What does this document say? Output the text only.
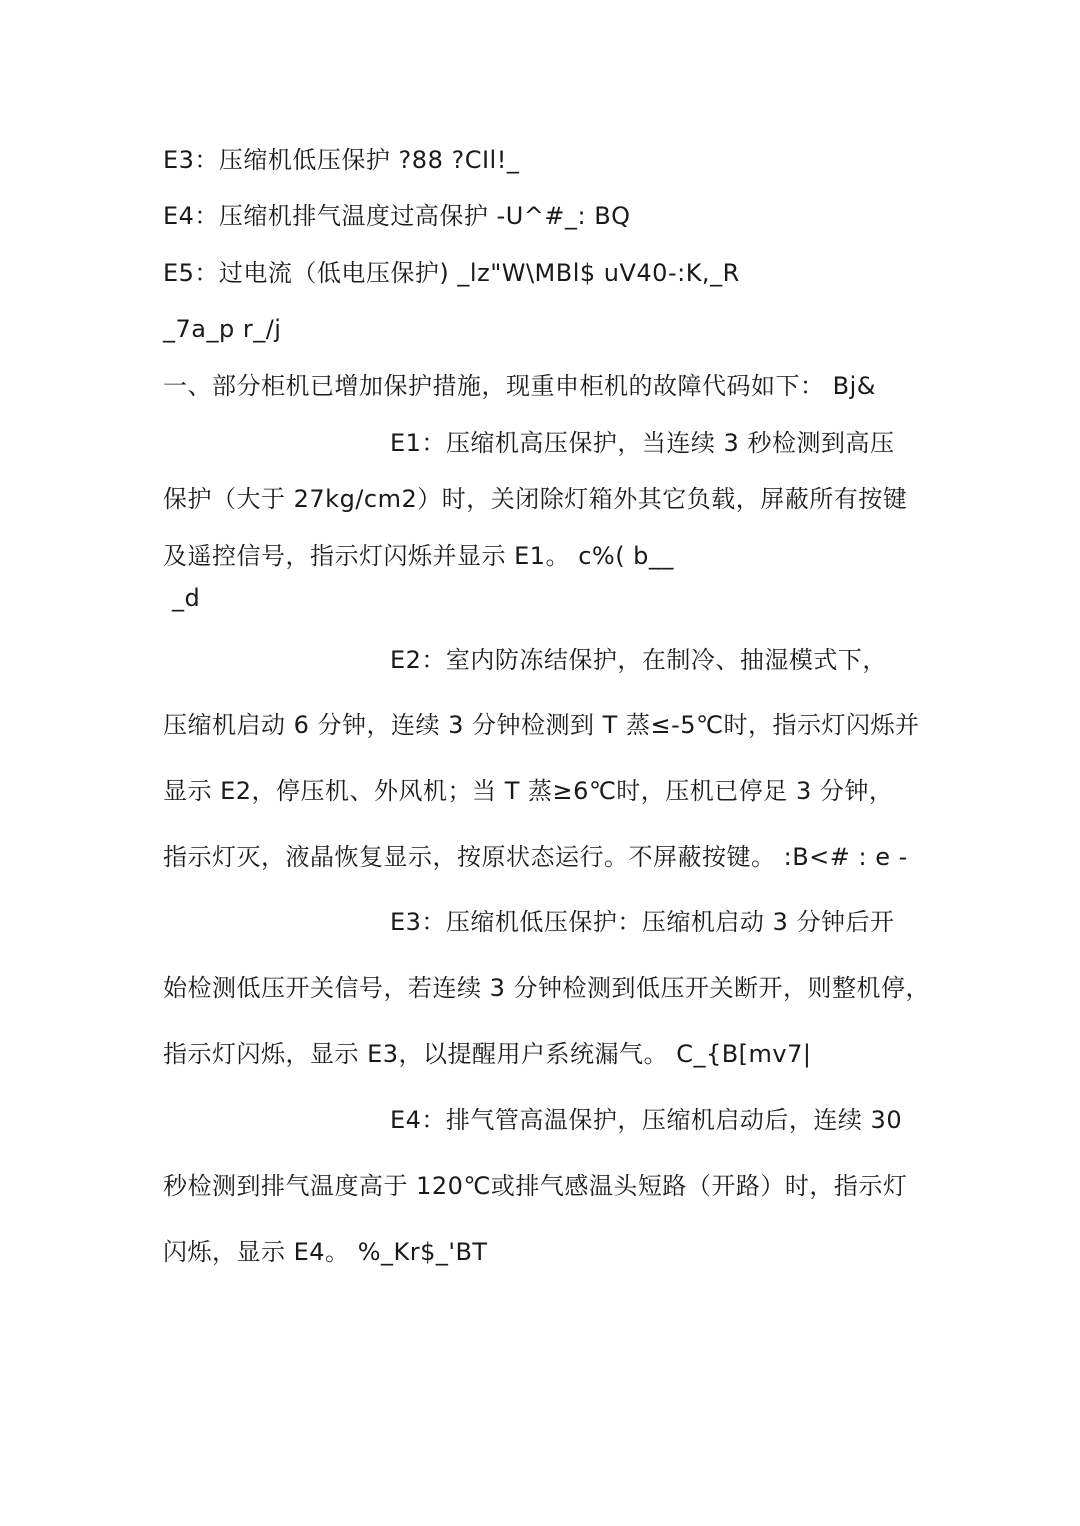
E3：压缩机低压保护 ?88 ?CIl!_
E4：压缩机排气温度过高保护 -U^#_: BQ
E5：过电流（低电压保护) _lz"W\MBl$ uV40-:K,_R
_7a_p r_/j
一、部分柜机已增加保护措施，现重申柜机的故障代码如下： Bj&
E1：压缩机高压保护，当连续 3 秒检测到高压
保护（大于 27kg/cm2）时，关闭除灯箱外其它负载，屏蔽所有按键
及遥控信号，指示灯闪烁并显示 E1。 c%( b__
_d
E2：室内防冻结保护，在制冷、抽湿模式下，
压缩机启动 6 分钟，连续 3 分钟检测到 T 蒸≤-5℃时，指示灯闪烁并
显示 E2，停压机、外风机；当 T 蒸≥6℃时，压机已停足 3 分钟，
指示灯灭，液晶恢复显示，按原状态运行。不屏蔽按键。 :B<# : e -
E3：压缩机低压保护：压缩机启动 3 分钟后开
始检测低压开关信号，若连续 3 分钟检测到低压开关断开，则整机停，
指示灯闪烁，显示 E3，以提醒用户系统漏气。 C_{B[mv7|
E4：排气管高温保护，压缩机启动后，连续 30
秒检测到排气温度高于 120℃或排气感温头短路（开路）时，指示灯
闪烁，显示 E4。 %_Kr$_'BT
